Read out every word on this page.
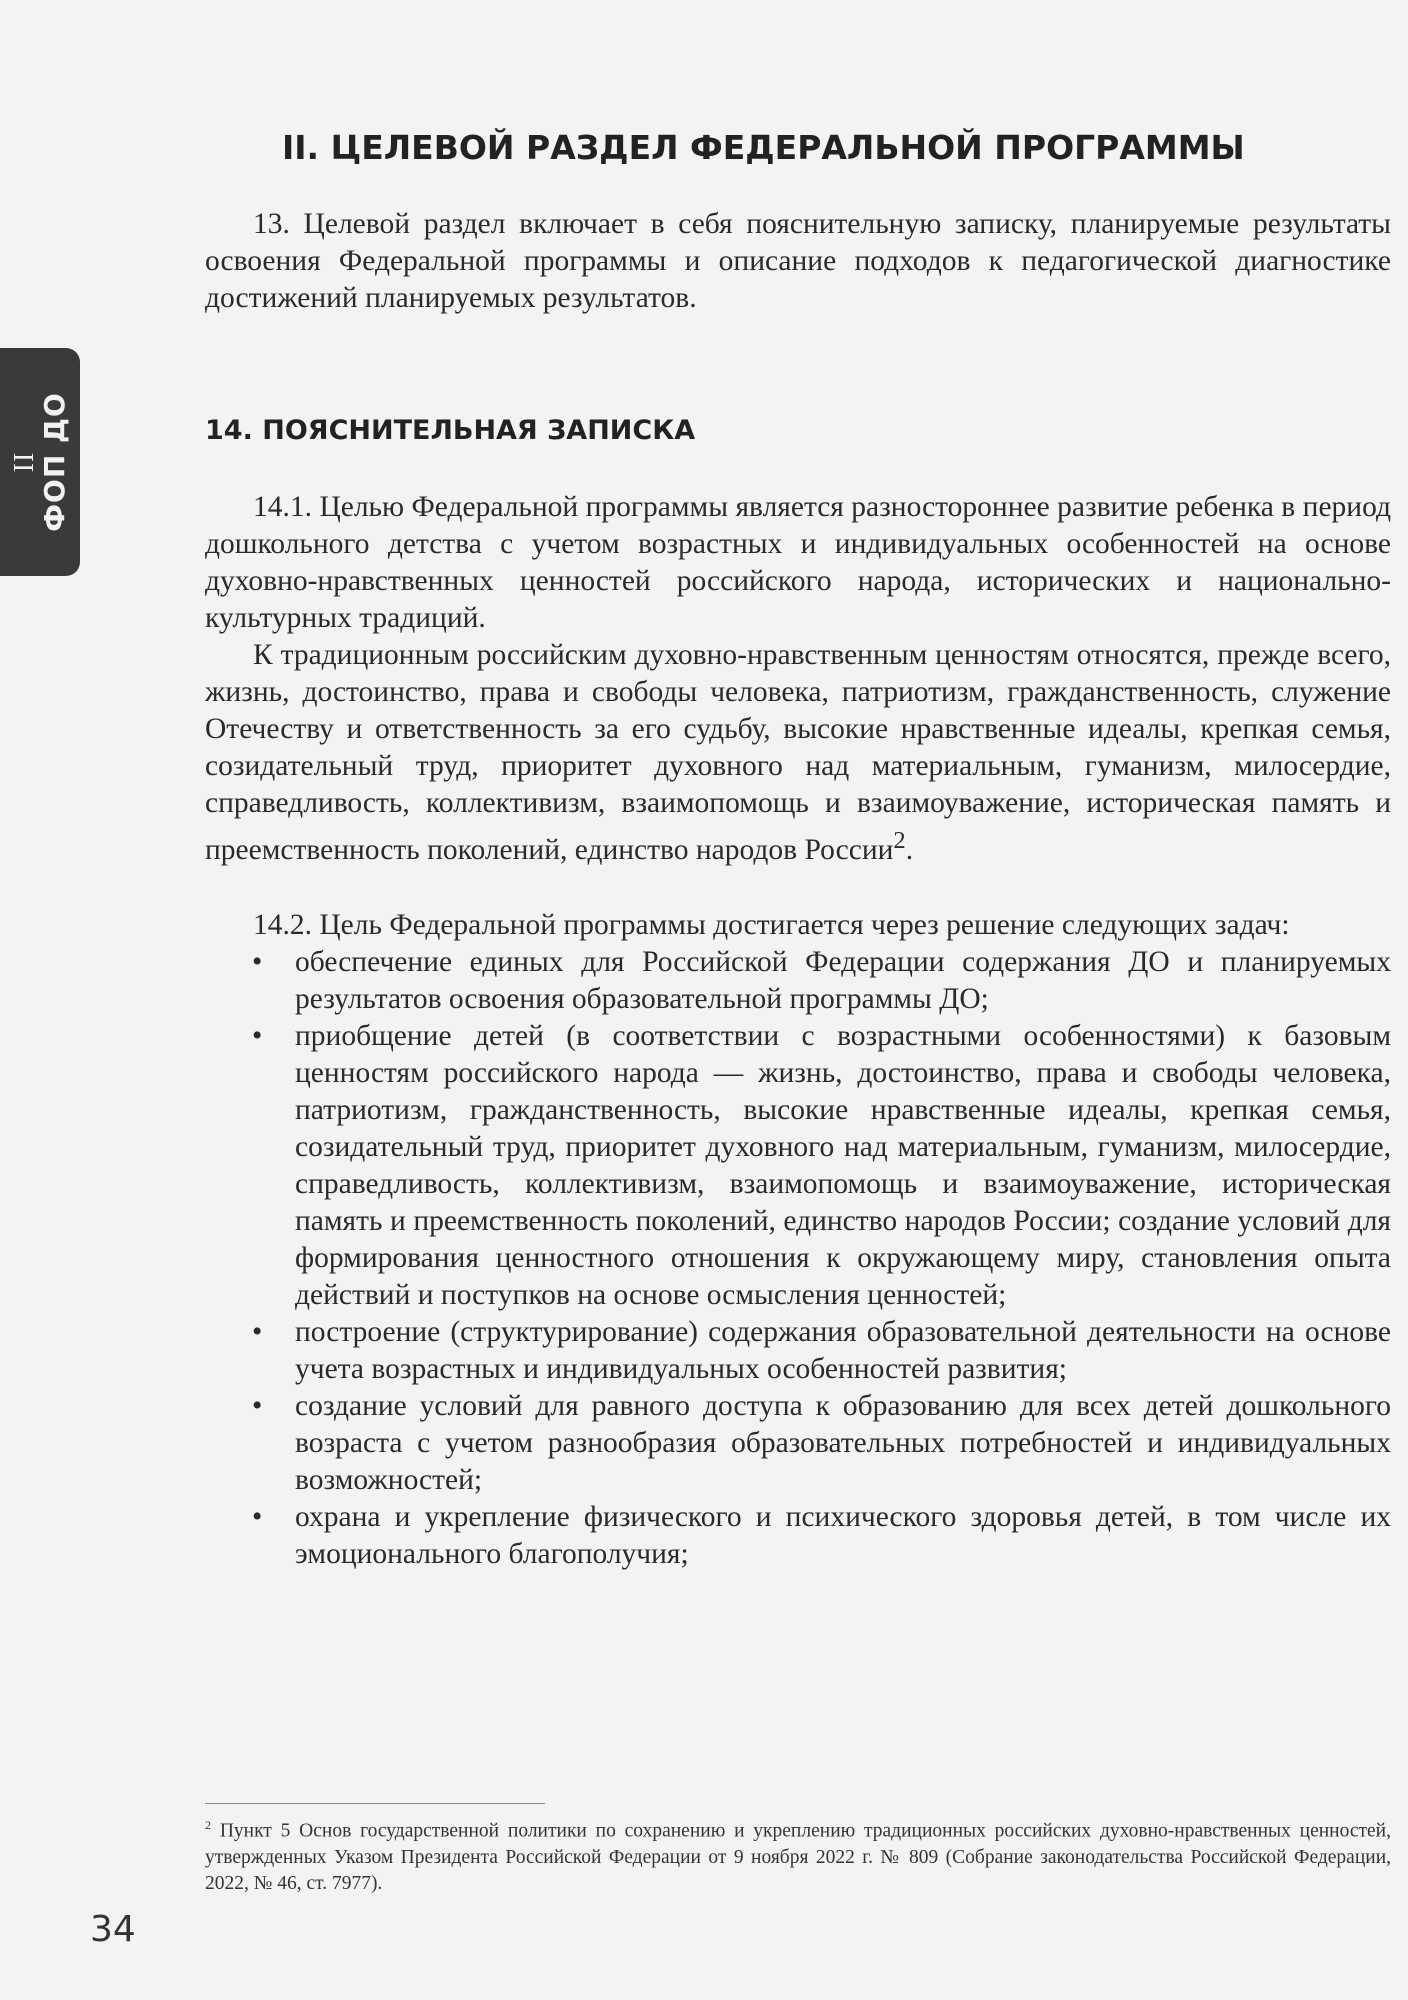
II
ФОП ДО
II. ЦЕЛЕВОЙ РАЗДЕЛ ФЕДЕРАЛЬНОЙ ПРОГРАММЫ

13. Целевой раздел включает в себя пояснительную записку, планируемые результаты освоения Федеральной программы и описание подходов к педагогической диагностике достижений планируемых результатов.

14. ПОЯСНИТЕЛЬНАЯ ЗАПИСКА

14.1. Целью Федеральной программы является разностороннее развитие ребенка в период дошкольного детства с учетом возрастных и индивидуальных особенностей на основе духовно-нравственных ценностей российского народа, исторических и национально-культурных традиций.

К традиционным российским духовно-нравственным ценностям относятся, прежде всего, жизнь, достоинство, права и свободы человека, патриотизм, гражданственность, служение Отечеству и ответственность за его судьбу, высокие нравственные идеалы, крепкая семья, созидательный труд, приоритет духовного над материальным, гуманизм, милосердие, справедливость, коллективизм, взаимопомощь и взаимоуважение, историческая память и преемственность поколений, единство народов России$^2$.

14.2. Цель Федеральной программы достигается через решение следующих задач:

• обеспечение единых для Российской Федерации содержания ДО и планируемых результатов освоения образовательной программы ДО;
• приобщение детей (в соответствии с возрастными особенностями) к базовым ценностям российского народа — жизнь, достоинство, права и свободы человека, патриотизм, гражданственность, высокие нравственные идеалы, крепкая семья, созидательный труд, приоритет духовного над материальным, гуманизм, милосердие, справедливость, коллективизм, взаимопомощь и взаимоуважение, историческая память и преемственность поколений, единство народов России; создание условий для формирования ценностного отношения к окружающему миру, становления опыта действий и поступков на основе осмысления ценностей;
• построение (структурирование) содержания образовательной деятельности на основе учета возрастных и индивидуальных особенностей развития;
• создание условий для равного доступа к образованию для всех детей дошкольного возраста с учетом разнообразия образовательных потребностей и индивидуальных возможностей;
• охрана и укрепление физического и психического здоровья детей, в том числе их эмоционального благополучия;

$^2$ Пункт 5 Основ государственной политики по сохранению и укреплению традиционных российских духовно-нравственных ценностей, утвержденных Указом Президента Российской Федерации от 9 ноября 2022 г. № 809 (Собрание законодательства Российской Федерации, 2022, № 46, ст. 7977).

34
